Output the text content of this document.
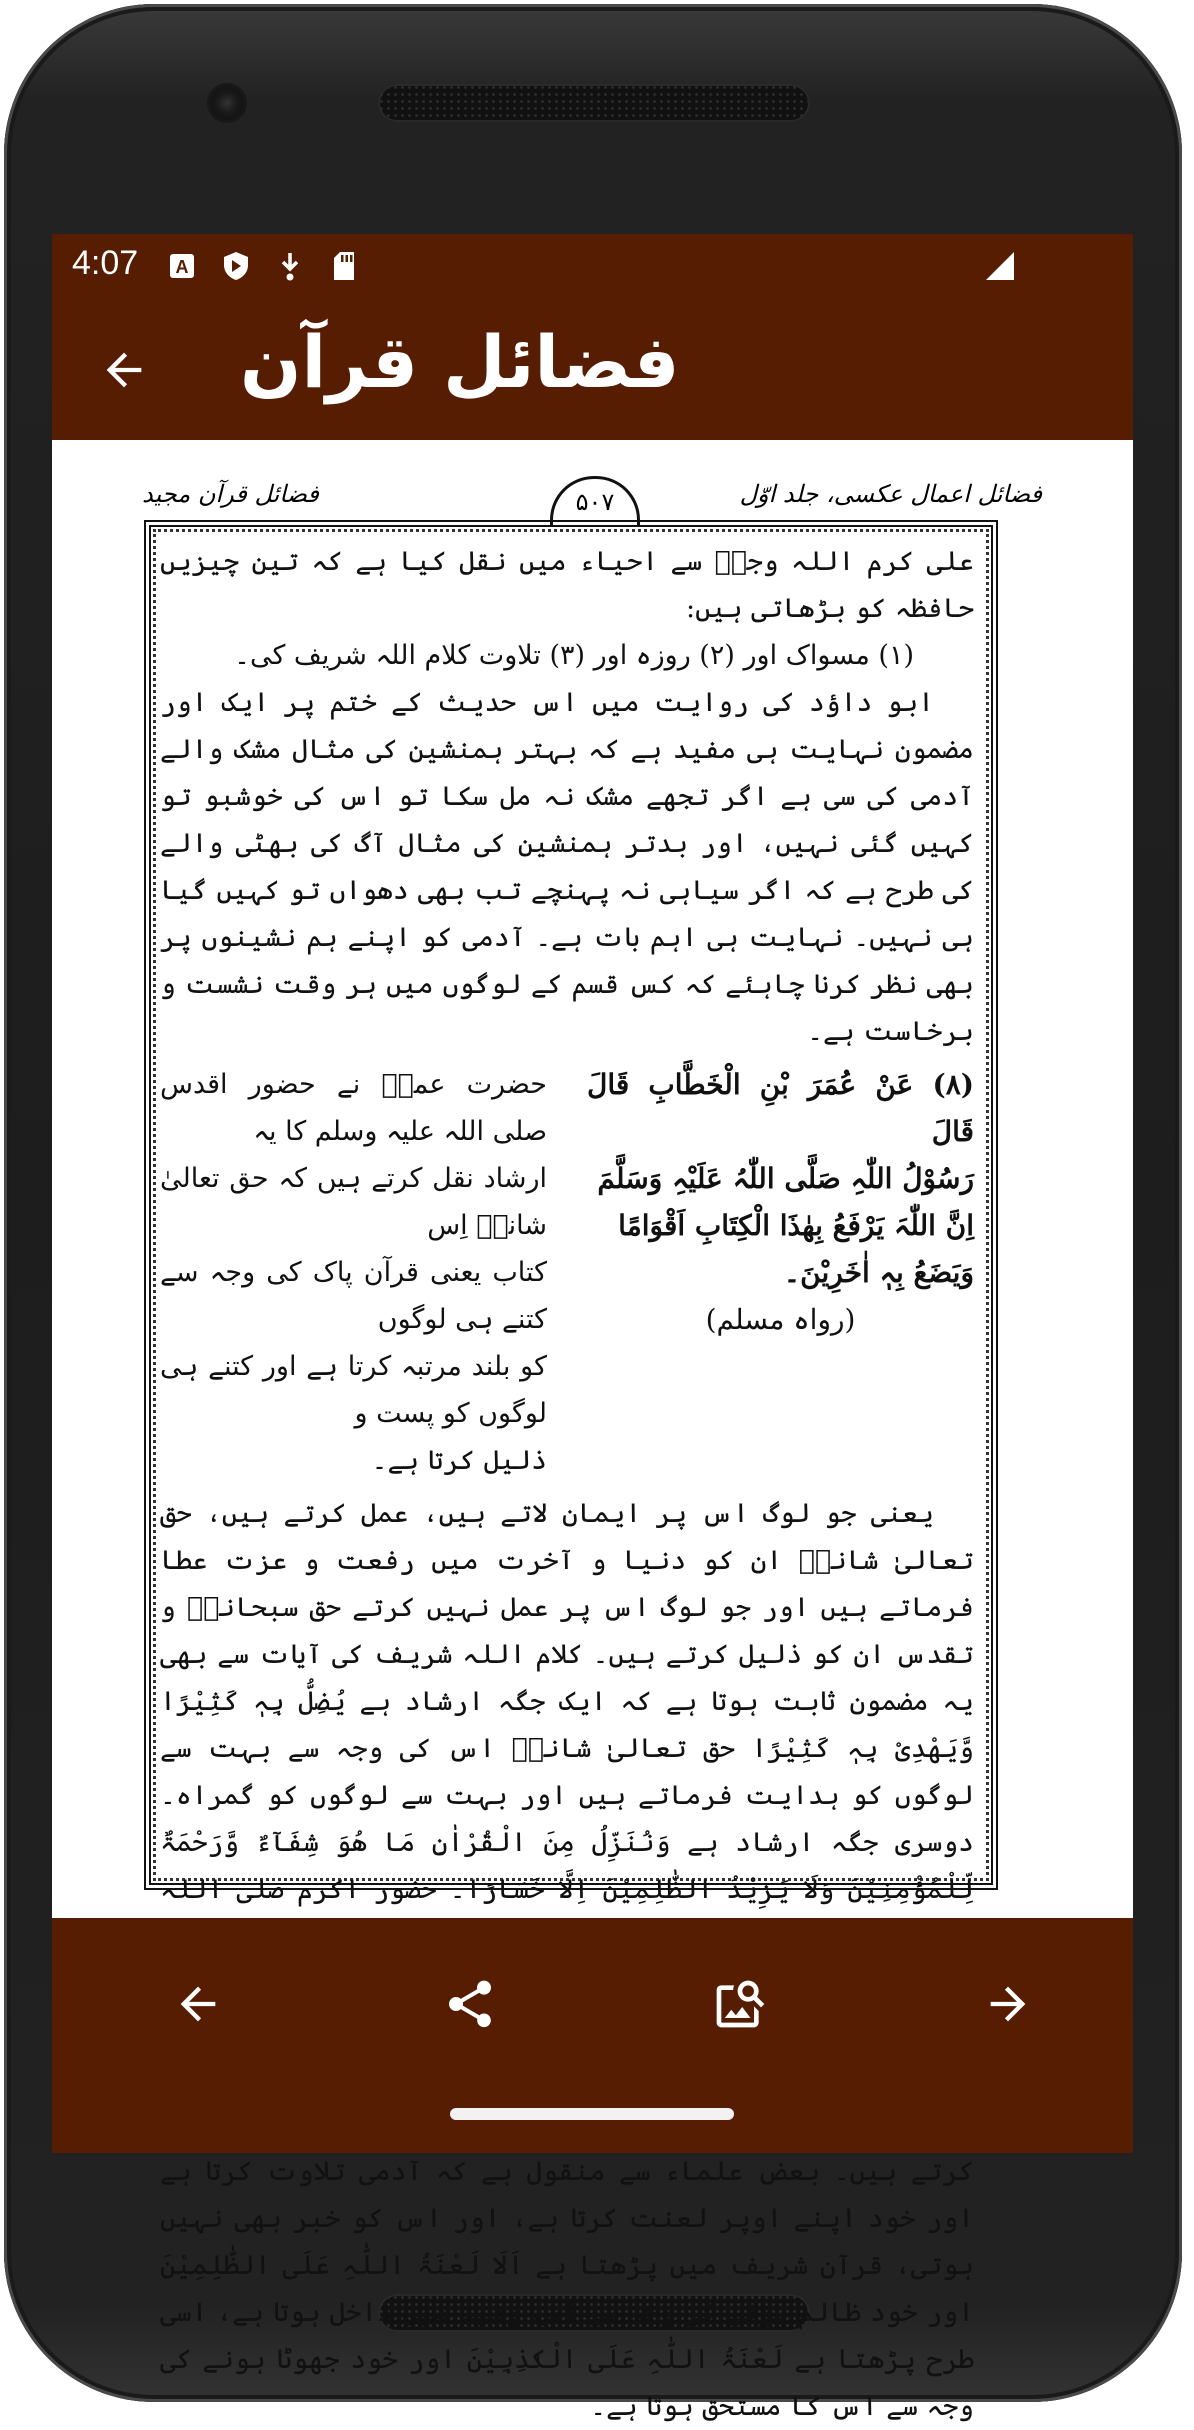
4:07 A
فضائل قرآن
فضائل قرآن مجید	۵۰۷	فضائل اعمال عکسی، جلد اوّل

علی کرم اللہ وجہٗ سے احیاء میں نقل کیا ہے کہ تین چیزیں حافظہ کو بڑھاتی ہیں:

(۱) مسواک اور (۲) روزہ اور (۳) تلاوت کلام اللہ شریف کی۔

ابو داؤد کی روایت میں اس حدیث کے ختم پر ایک اور مضمون نہایت ہی مفید ہے کہ بہتر ہمنشین کی مثال مشک والے آدمی کی سی ہے اگر تجھے مشک نہ مل سکا تو اس کی خوشبو تو کہیں گئی نہیں، اور بدتر ہمنشین کی مثال آگ کی بھٹی والے کی طرح ہے کہ اگر سیاہی نہ پہنچے تب بھی دھواں تو کہیں گیا ہی نہیں۔ نہایت ہی اہم بات ہے۔ آدمی کو اپنے ہم نشینوں پر بھی نظر کرنا چاہئے کہ کس قسم کے لوگوں میں ہر وقت نشست و برخاست ہے۔

(۸) عَنْ عُمَرَ بْنِ الْخَطَّابِ قَالَ قَالَ
رَسُوْلُ اللّٰہِ صَلَّی اللّٰہُ عَلَیْہِ وَسَلَّمَ
اِنَّ اللّٰہَ یَرْفَعُ بِھٰذَا الْکِتَابِ اَقْوَامًا
وَیَضَعُ بِہٖ اٰخَرِیْنَ۔
(رواہ مسلم)
حضرت عمرؓ نے حضور اقدس صلی اللہ علیہ وسلم کا یہ
ارشاد نقل کرتے ہیں کہ حق تعالیٰ شانہٗ اِس
کتاب یعنی قرآن پاک کی وجہ سے کتنے ہی لوگوں
کو بلند مرتبہ کرتا ہے اور کتنے ہی لوگوں کو پست و
ذلیل کرتا ہے۔

یعنی جو لوگ اس پر ایمان لاتے ہیں، عمل کرتے ہیں، حق تعالیٰ شانہٗ ان کو دنیا و آخرت میں رفعت و عزت عطا فرماتے ہیں اور جو لوگ اس پر عمل نہیں کرتے حق سبحانہٗ و تقدس ان کو ذلیل کرتے ہیں۔ کلام اللہ شریف کی آیات سے بھی یہ مضمون ثابت ہوتا ہے کہ ایک جگہ ارشاد ہے یُضِلُّ بِہٖ کَثِیْرًا وَّیَھْدِیْ بِہٖ کَثِیْرًا حق تعالیٰ شانہٗ اس کی وجہ سے بہت سے لوگوں کو ہدایت فرماتے ہیں اور بہت سے لوگوں کو گمراہ۔ دوسری جگہ ارشاد ہے وَنُنَزِّلُ مِنَ الْقُرْاٰنِ مَا ھُوَ شِفَآءٌ وَّرَحْمَۃٌ لِّلْمُؤْمِنِیْنَ وَلَا یَزِیْدُ الظّٰلِمِیْنَ اِلَّا خَسَارًا۔ حضور اکرم صلی اللہ کرتے ہیں۔ بعض علماء سے منقول ہے کہ آدمی تلاوت کرتا ہے اور خود اپنے اوپر لعنت کرتا ہے، اور اس کو خبر بھی نہیں ہوتی، قرآن شریف میں پڑھتا ہے اَلَا لَعْنَۃُ اللّٰہِ عَلَی الظّٰلِمِیْنَ اور خود ظالم ہونے کی وجہ سے اس وعید میں داخل ہوتا ہے، اسی طرح پڑھتا ہے لَعْنَۃُ اللّٰہِ عَلَی الْکٰذِبِیْنَ اور خود جھوٹا ہونے کی وجہ سے اس کا مستحق ہوتا ہے۔
